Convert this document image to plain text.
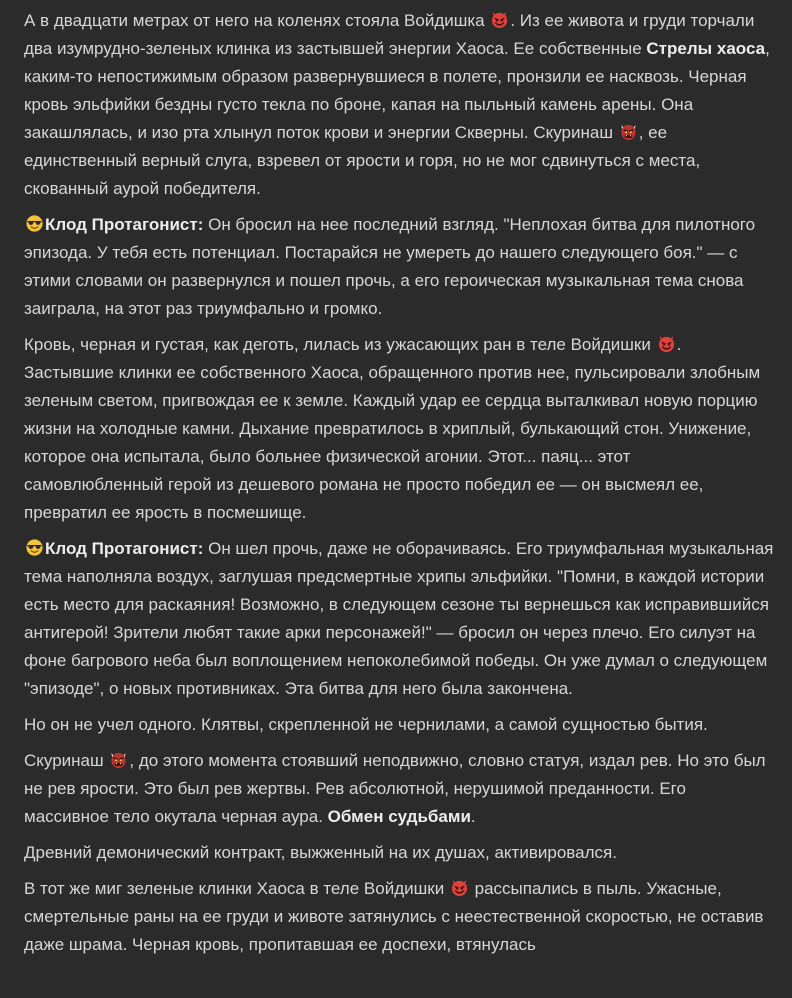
А в двадцати метрах от него на коленях стояла Войдишка
. Из ее живота и груди торчали два изумрудно-зеленых клинка из застывшей энергии Хаоса. Ее собственные Стрелы хаоса, каким-то непостижимым образом развернувшиеся в полете, пронзили ее насквозь. Черная кровь эльфийки бездны густо текла по броне, капая на пыльный камень арены. Она закашлялась, и изо рта хлынул поток крови и энергии Скверны. Скуринаш
, ее единственный верный слуга, взревел от ярости и горя, но не мог сдвинуться с места, скованный аурой победителя.

Клод Протагонист: Он бросил на нее последний взгляд. "Неплохая битва для пилотного эпизода. У тебя есть потенциал. Постарайся не умереть до нашего следующего боя." — с этими словами он развернулся и пошел прочь, а его героическая музыкальная тема снова заиграла, на этот раз триумфально и громко.

Кровь, черная и густая, как деготь, лилась из ужасающих ран в теле Войдишки
. Застывшие клинки ее собственного Хаоса, обращенного против нее, пульсировали злобным зеленым светом, пригвождая ее к земле. Каждый удар ее сердца выталкивал новую порцию жизни на холодные камни. Дыхание превратилось в хриплый, булькающий стон. Унижение, которое она испытала, было больнее физической агонии. Этот... паяц... этот самовлюбленный герой из дешевого романа не просто победил ее — он высмеял ее, превратил ее ярость в посмешище.

Клод Протагонист: Он шел прочь, даже не оборачиваясь. Его триумфальная музыкальная тема наполняла воздух, заглушая предсмертные хрипы эльфийки. "Помни, в каждой истории есть место для раскаяния! Возможно, в следующем сезоне ты вернешься как исправившийся антигерой! Зрители любят такие арки персонажей!" — бросил он через плечо. Его силуэт на фоне багрового неба был воплощением непоколебимой победы. Он уже думал о следующем "эпизоде", о новых противниках. Эта битва для него была закончена.

Но он не учел одного. Клятвы, скрепленной не чернилами, а самой сущностью бытия.

Скуринаш
, до этого момента стоявший неподвижно, словно статуя, издал рев. Но это был не рев ярости. Это был рев жертвы. Рев абсолютной, нерушимой преданности. Его массивное тело окутала черная аура. Обмен судьбами.

Древний демонический контракт, выжженный на их душах, активировался.

В тот же миг зеленые клинки Хаоса в теле Войдишки
рассыпались в пыль. Ужасные, смертельные раны на ее груди и животе затянулись с неестественной скоростью, не оставив даже шрама. Черная кровь, пропитавшая ее доспехи, втянулась
